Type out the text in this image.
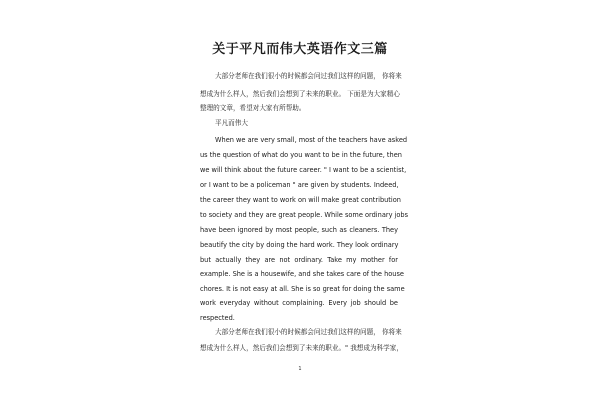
关于平凡而伟大英语作文三篇
大部分老师在我们很小的时候都会问过我们这样的问题， 你将来
想成为什么样人，然后我们会想到了未来的职业。 下面是为大家精心
整理的文章，希望对大家有所帮助。
平凡而伟大
When we are very small, most of the teachers have asked
us the question of what do you want to be in the future, then
we will think about the future career. " I want to be a scientist,
or I want to be a policeman " are given by students. Indeed,
the career they want to work on will make great contribution
to society and they are great people. While some ordinary jobs
have been ignored by most people, such as cleaners. They
beautify the city by doing the hard work. They look ordinary
but actually they are not ordinary. Take my mother for
example. She is a housewife, and she takes care of the house
chores. It is not easy at all. She is so great for doing the same
work everyday without complaining. Every job should be
respected.
大部分老师在我们很小的时候都会问过我们这样的问题， 你将来
想成为什么样人，然后我们会想到了未来的职业。" 我想成为科学家，
1
